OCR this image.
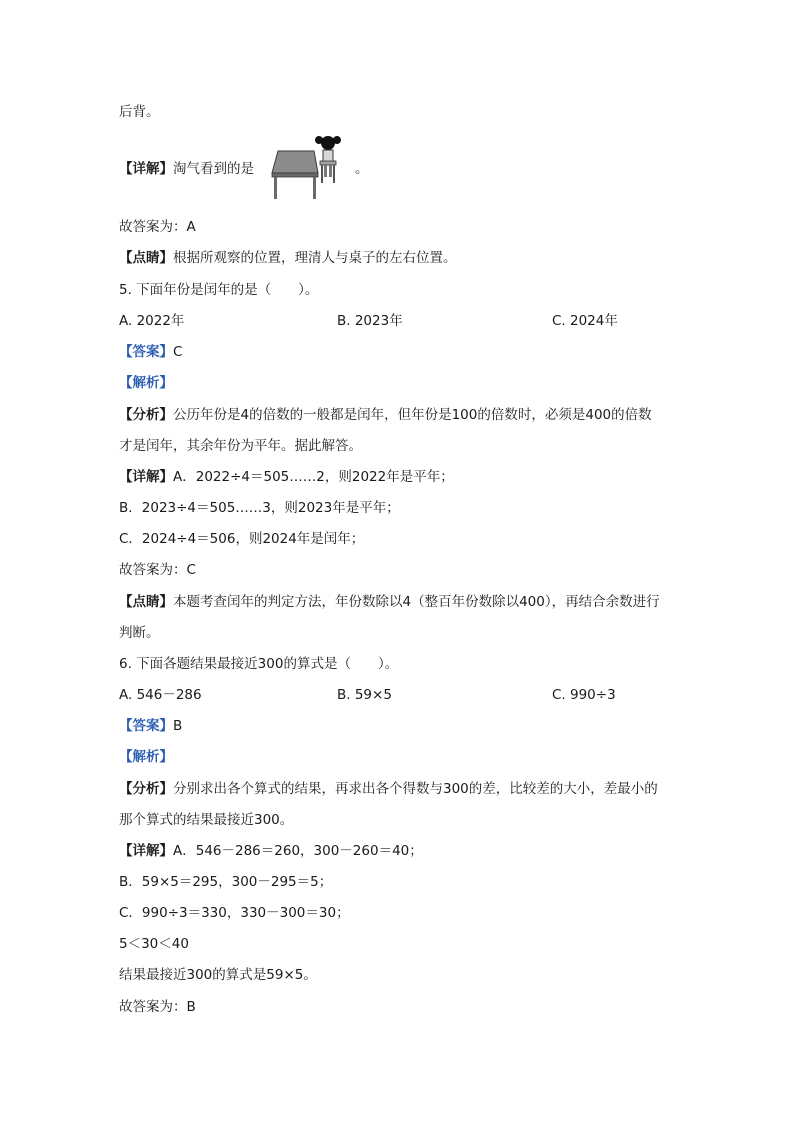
后背。
【详解】淘气看到的是	。
故答案为：A
【点睛】根据所观察的位置，理清人与桌子的左右位置。
5. 下面年份是闰年的是（　　）。
A. 2022年	B. 2023年	C. 2024年
【答案】C
【解析】
【分析】公历年份是4的倍数的一般都是闰年，但年份是100的倍数时，必须是400的倍数
才是闰年，其余年份为平年。据此解答。
【详解】A．2022÷4＝505……2，则2022年是平年；
B．2023÷4＝505……3，则2023年是平年；
C．2024÷4＝506，则2024年是闰年；
故答案为：C
【点睛】本题考查闰年的判定方法，年份数除以4（整百年份数除以400），再结合余数进行
判断。
6. 下面各题结果最接近300的算式是（　　）。
A. 546－286	B. 59×5	C. 990÷3
【答案】B
【解析】
【分析】分别求出各个算式的结果，再求出各个得数与300的差，比较差的大小，差最小的
那个算式的结果最接近300。
【详解】A．546－286＝260，300－260＝40；
B．59×5＝295，300－295＝5；
C．990÷3＝330，330－300＝30；
5＜30＜40
结果最接近300的算式是59×5。
故答案为：B
